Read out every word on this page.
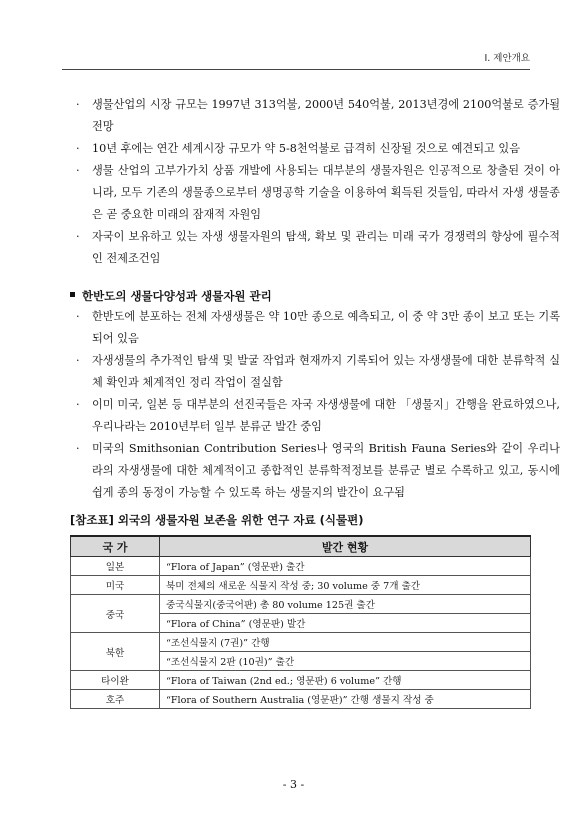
Ⅰ. 제안개요
· 생물산업의 시장 규모는 1997년 313억불, 2000년 540억불, 2013년경에 2100억불로 증가될 전망
· 10년 후에는 연간 세계시장 규모가 약 5-8천억불로 급격히 신장될 것으로 예견되고 있음
· 생물 산업의 고부가가치 상품 개발에 사용되는 대부분의 생물자원은 인공적으로 창출된 것이 아니라, 모두 기존의 생물종으로부터 생명공학 기술을 이용하여 획득된 것들임, 따라서 자생 생물종은 곧 중요한 미래의 잠재적 자원임
· 자국이 보유하고 있는 자생 생물자원의 탐색, 확보 및 관리는 미래 국가 경쟁력의 향상에 필수적인 전제조건임
한반도의 생물다양성과 생물자원 관리
· 한반도에 분포하는 전체 자생생물은 약 10만 종으로 예측되고, 이 중 약 3만 종이 보고 또는 기록되어 있음
· 자생생물의 추가적인 탐색 및 발굴 작업과 현재까지 기록되어 있는 자생생물에 대한 분류학적 실체 확인과 체계적인 정리 작업이 절실함
· 이미 미국, 일본 등 대부분의 선진국들은 자국 자생생물에 대한 「생물지」간행을 완료하였으나, 우리나라는 2010년부터 일부 분류군 발간 중임
· 미국의 Smithsonian Contribution Series나 영국의 British Fauna Series와 같이 우리나라의 자생생물에 대한 체계적이고 종합적인 분류학적정보를 분류군 별로 수록하고 있고, 동시에 쉽게 종의 동정이 가능할 수 있도록 하는 생물지의 발간이 요구됨
[참조표] 외국의 생물자원 보존을 위한 연구 자료 (식물편)
국 가	발간 현황
일본	“Flora of Japan” (영문판) 출간
미국	북미 전체의 새로운 식물지 작성 중; 30 volume 중 7개 출간
중국	중국식물지(중국어판) 총 80 volume 125권 출간
	“Flora of China” (영문판) 발간
북한	“조선식물지 (7권)” 간행
	“조선식물지 2판 (10권)” 출간
타이완	“Flora of Taiwan (2nd ed.; 영문판) 6 volume” 간행
호주	“Flora of Southern Australia (영문판)” 간행 생물지 작성 중
- 3 -
